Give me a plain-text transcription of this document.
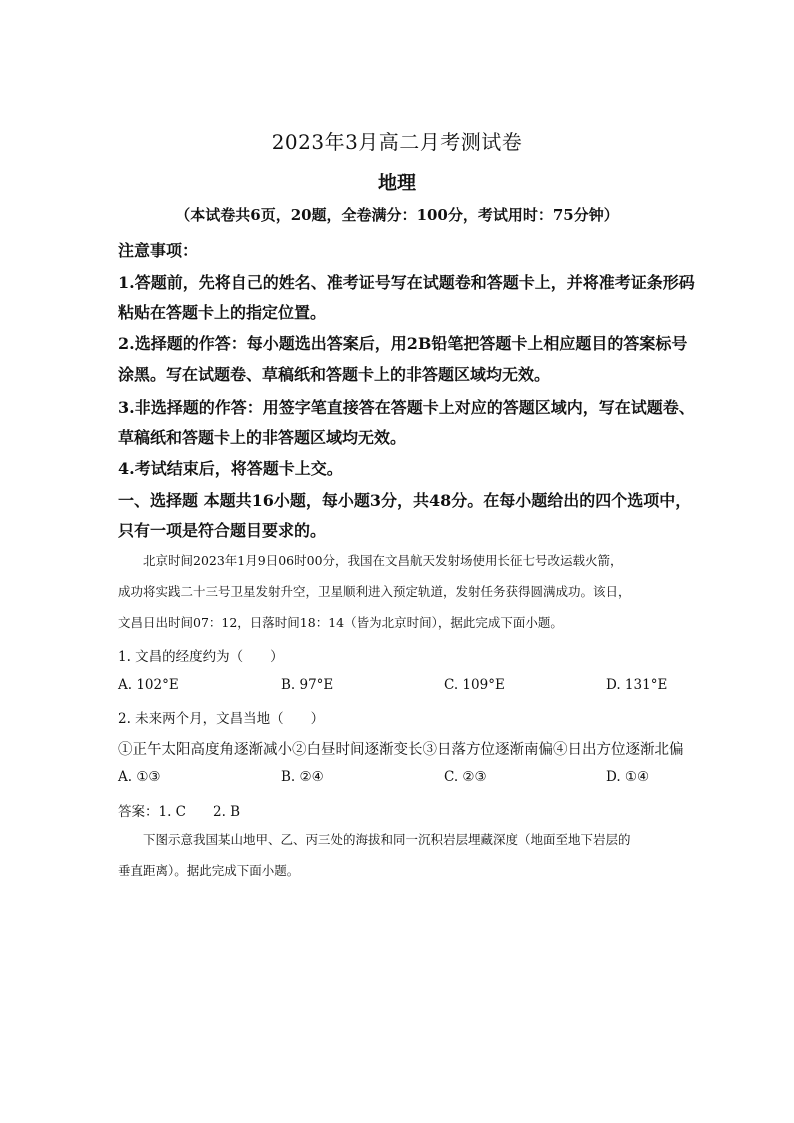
2023年3月高二月考测试卷
地理
（本试卷共6页，20题，全卷满分：100分，考试用时：75分钟）
注意事项：
1.答题前，先将自己的姓名、准考证号写在试题卷和答题卡上，并将准考证条形码
粘贴在答题卡上的指定位置。
2.选择题的作答：每小题选出答案后，用2B铅笔把答题卡上相应题目的答案标号
涂黑。写在试题卷、草稿纸和答题卡上的非答题区域均无效。
3.非选择题的作答：用签字笔直接答在答题卡上对应的答题区域内，写在试题卷、
草稿纸和答题卡上的非答题区域均无效。
4.考试结束后，将答题卡上交。
一、选择题 本题共16小题，每小题3分，共48分。在每小题给出的四个选项中，
只有一项是符合题目要求的。
北京时间2023年1月9日06时00分，我国在文昌航天发射场使用长征七号改运载火箭，
成功将实践二十三号卫星发射升空，卫星顺利进入预定轨道，发射任务获得圆满成功。该日，
文昌日出时间07：12，日落时间18：14（皆为北京时间），据此完成下面小题。
1. 文昌的经度约为（　　）
A. 102°E	B. 97°E	C. 109°E	D. 131°E
2. 未来两个月，文昌当地（　　）
①正午太阳高度角逐渐减小②白昼时间逐渐变长③日落方位逐渐南偏④日出方位逐渐北偏
A. ①③	B. ②④	C. ②③	D. ①④
答案：1. C　　2. B
下图示意我国某山地甲、乙、丙三处的海拔和同一沉积岩层埋藏深度（地面至地下岩层的
垂直距离）。据此完成下面小题。
